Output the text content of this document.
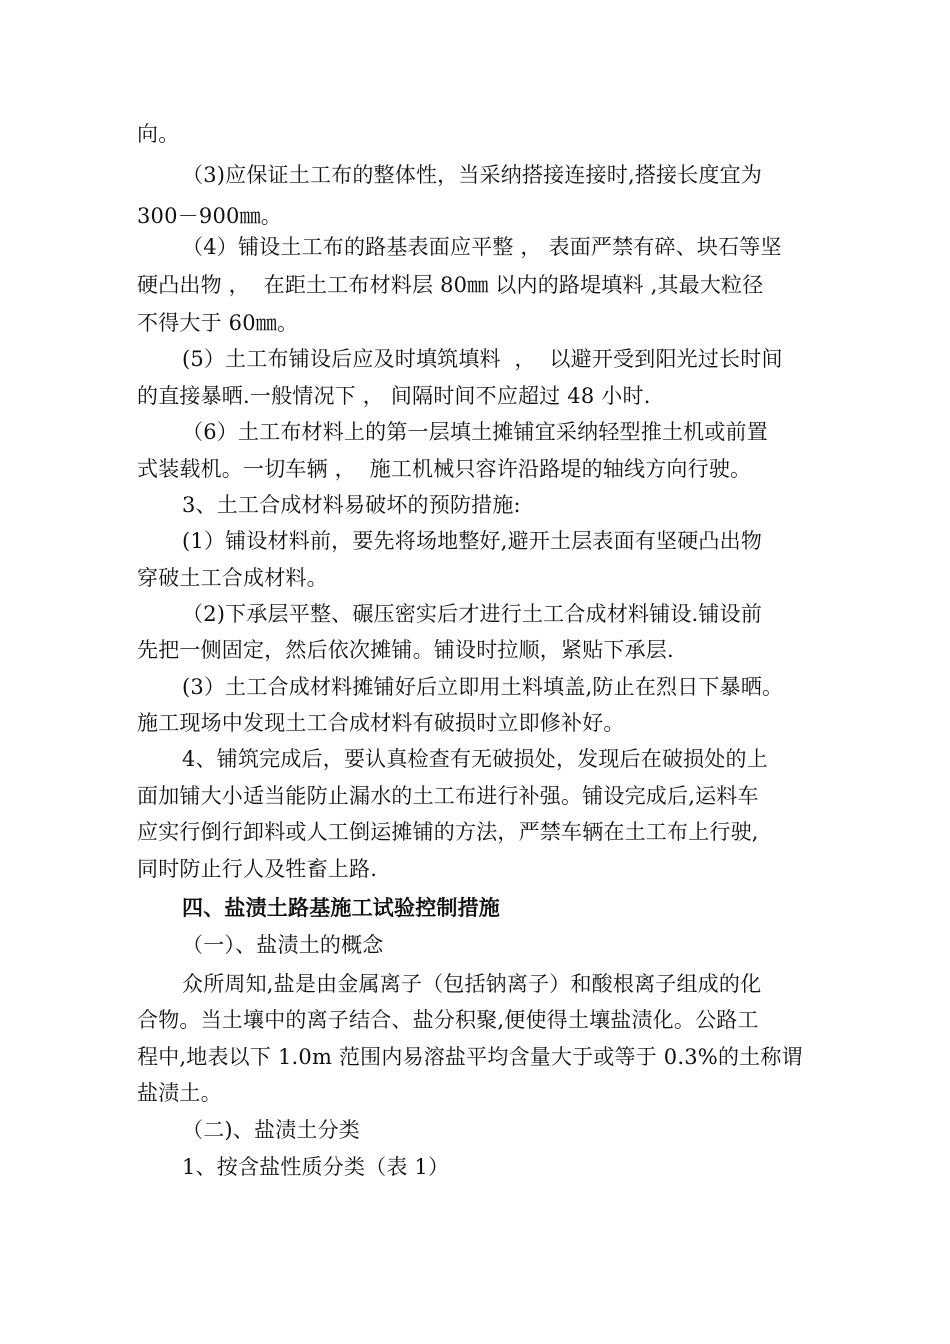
向。
（3)应保证土工布的整体性，当采纳搭接连接时,搭接长度宜为
300－900㎜。
（4）铺设土工布的路基表面应平整 ， 表面严禁有碎、块石等坚
硬凸出物 ，  在距土工布材料层 80㎜ 以内的路堤填料 ,其最大粒径
不得大于 60㎜。
(5）土工布铺设后应及时填筑填料  ，  以避开受到阳光过长时间
的直接暴晒.一般情况下 ， 间隔时间不应超过 48 小时.
（6）土工布材料上的第一层填土摊铺宜采纳轻型推土机或前置
式装载机。一切车辆 ，  施工机械只容许沿路堤的轴线方向行驶。
3、土工合成材料易破坏的预防措施:
(1）铺设材料前，要先将场地整好,避开土层表面有坚硬凸出物
穿破土工合成材料。
（2)下承层平整、碾压密实后才进行土工合成材料铺设.铺设前
先把一侧固定，然后依次摊铺。铺设时拉顺，紧贴下承层.
(3）土工合成材料摊铺好后立即用土料填盖,防止在烈日下暴晒。
施工现场中发现土工合成材料有破损时立即修补好。
4、铺筑完成后，要认真检查有无破损处，发现后在破损处的上
面加铺大小适当能防止漏水的土工布进行补强。铺设完成后,运料车
应实行倒行卸料或人工倒运摊铺的方法，严禁车辆在土工布上行驶,
同时防止行人及牲畜上路.
四、盐渍土路基施工试验控制措施
（一）、盐渍土的概念
众所周知,盐是由金属离子（包括钠离子）和酸根离子组成的化
合物。当土壤中的离子结合、盐分积聚,便使得土壤盐渍化。公路工
程中,地表以下 1.0m 范围内易溶盐平均含量大于或等于 0.3%的土称谓
盐渍土。
（二)、盐渍土分类
1、按含盐性质分类（表 1）
